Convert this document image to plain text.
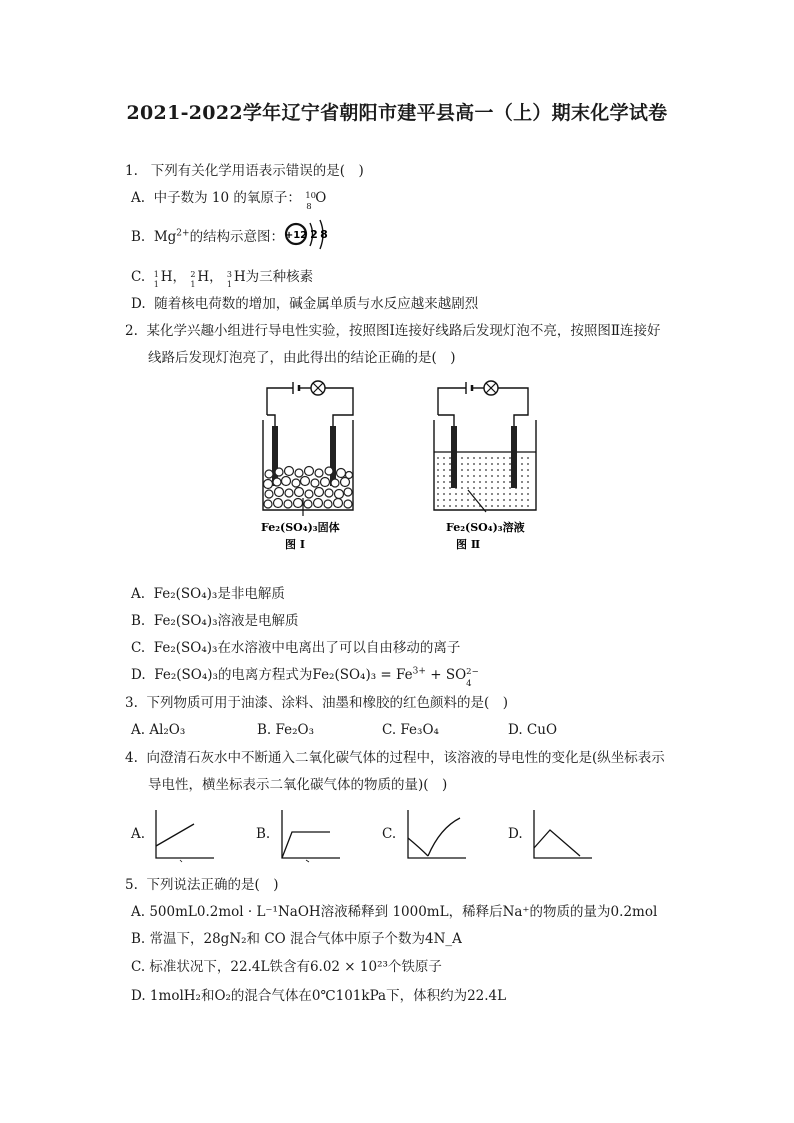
2021-2022学年辽宁省朝阳市建平县高一（上）期末化学试卷
1. 下列有关化学用语表示错误的是(　)
A. 中子数为 10 的氧原子： 10
8
O
B. $Mg^{2+}$的结构示意图： +12 2 8
C. 1
1 H， 2
1 H， 3
1 H为三种核素
D. 随着核电荷数的增加，碱金属单质与水反应越来越剧烈
2. 某化学兴趣小组进行导电性实验，按照图Ⅰ连接好线路后发现灯泡不亮，按照图Ⅱ连接好
线路后发现灯泡亮了，由此得出的结论正确的是(　)
Fe₂(SO₄)₃固体
图 Ⅰ
Fe₂(SO₄)₃溶液
图 Ⅱ
A. Fe₂(SO₄)₃是非电解质
B. Fe₂(SO₄)₃溶液是电解质
C. Fe₂(SO₄)₃在水溶液中电离出了可以自由移动的离子
D. Fe₂(SO₄)₃的电离方程式为$Fe_2(SO_4)_3 = Fe^{3+}$ + SO 2−
4
3. 下列物质可用于油漆、涂料、油墨和橡胶的红色颜料的是(　)
A. Al₂O₃	B. Fe₂O₃	C. Fe₃O₄	D. CuO
4. 向澄清石灰水中不断通入二氧化碳气体的过程中，该溶液的导电性的变化是(纵坐标表示
导电性，横坐标表示二氧化碳气体的物质的量)(　)
A.	B.	C.	D.
5. 下列说法正确的是(　)
A. 500mL0.2mol · L⁻¹NaOH溶液稀释到 1000mL，稀释后Na⁺的物质的量为0.2mol
B. 常温下，28gN₂和 CO 混合气体中原子个数为4N_A
C. 标准状况下，22.4L铁含有6.02 × 10²³个铁原子
D. 1molH₂和O₂的混合气体在0℃101kPa下，体积约为22.4L
